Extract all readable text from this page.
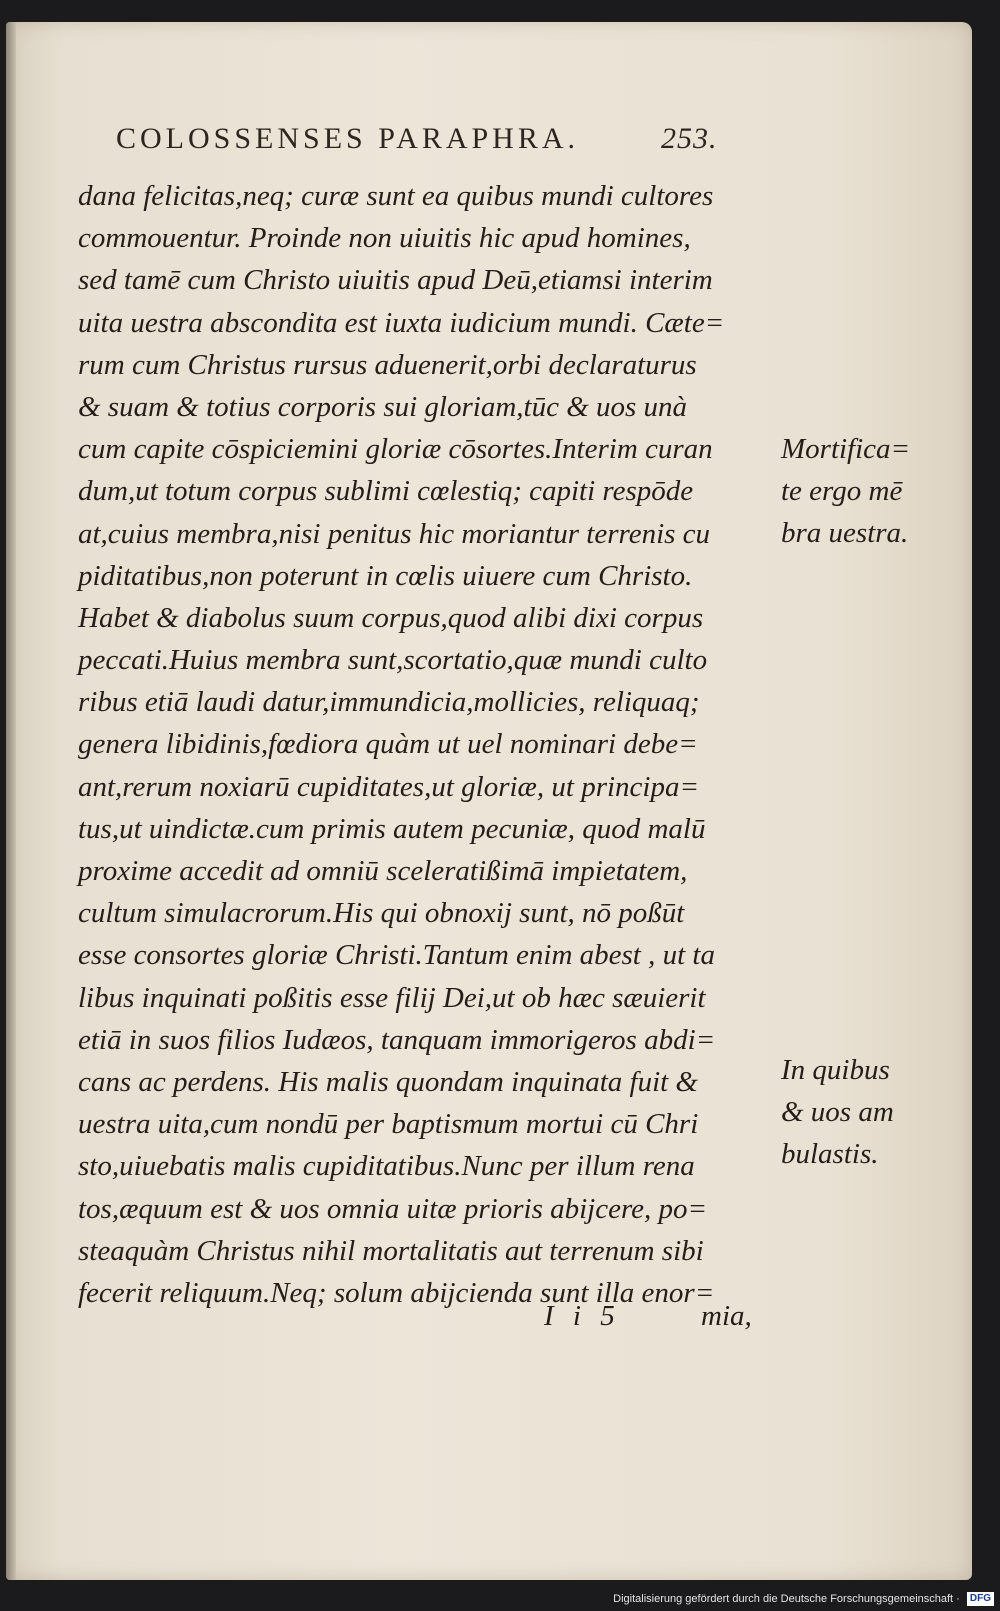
COLOSSENSES PARAPHRA.	253.
dana felicitas,neq; curæ sunt ea quibus mundi cultores
commouentur. Proinde non uiuitis hic apud homines,
sed tamē cum Christo uiuitis apud Deū,etiamsi interim
uita uestra abscondita est iuxta iudicium mundi. Cæte=
rum cum Christus rursus aduenerit,orbi declaraturus
& suam & totius corporis sui gloriam,tūc & uos unà
cum capite cōspiciemini gloriæ cōsortes.Interim curan
dum,ut totum corpus sublimi cœlestiq; capiti respōde
at,cuius membra,nisi penitus hic moriantur terrenis cu
piditatibus,non poterunt in cœlis uiuere cum Christo.
Habet & diabolus suum corpus,quod alibi dixi corpus
peccati.Huius membra sunt,scortatio,quæ mundi culto
ribus etiā laudi datur,immundicia,mollicies, reliquaq;
genera libidinis,fœdiora quàm ut uel nominari debe=
ant,rerum noxiarū cupiditates,ut gloriæ, ut principa=
tus,ut uindictæ.cum primis autem pecuniæ, quod malū
proxime accedit ad omniū sceleratißimā impietatem,
cultum simulacrorum.His qui obnoxij sunt, nō poßūt
esse consortes gloriæ Christi.Tantum enim abest , ut ta
libus inquinati poßitis esse filij Dei,ut ob hæc sæuierit
etiā in suos filios Iudæos, tanquam immorigeros abdi=
cans ac perdens. His malis quondam inquinata fuit &
uestra uita,cum nondū per baptismum mortui cū Chri
sto,uiuebatis malis cupiditatibus.Nunc per illum rena
tos,æquum est & uos omnia uitæ prioris abijcere, po=
steaquàm Christus nihil mortalitatis aut terrenum sibi
fecerit reliquum.Neq; solum abijcienda sunt illa enor=
Mortifica=
te ergo mē
bra uestra.
In quibus
& uos am
bulastis.
I i 5	mia,
Digitalisierung gefördert durch die Deutsche Forschungsgemeinschaft · DFG
